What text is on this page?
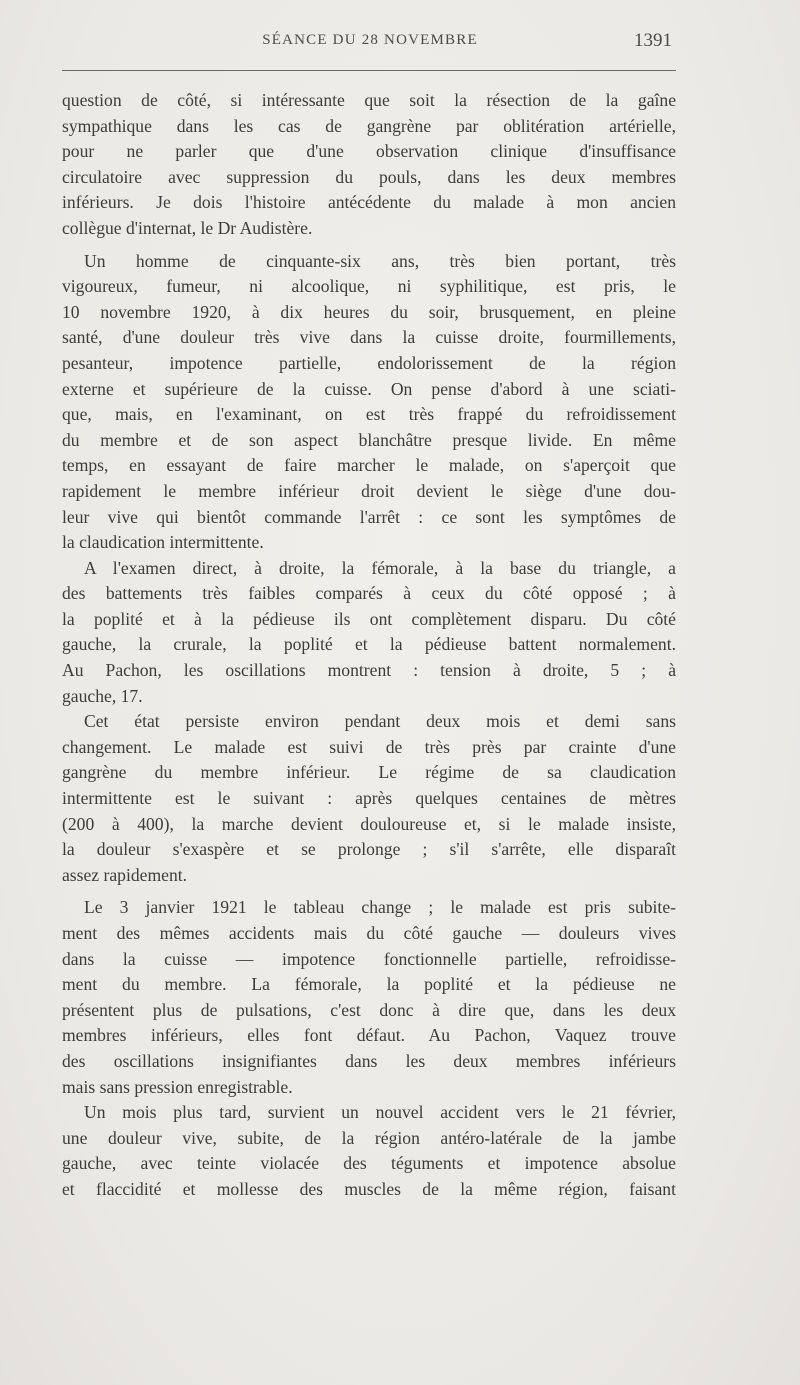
SÉANCE DU 28 NOVEMBRE	1391
question de côté, si intéressante que soit la résection de la gaîne
sympathique dans les cas de gangrène par oblitération artérielle,
pour ne parler que d'une observation clinique d'insuffisance
circulatoire avec suppression du pouls, dans les deux membres
inférieurs. Je dois l'histoire antécédente du malade à mon ancien
collègue d'internat, le Dr Audistère.
Un homme de cinquante-six ans, très bien portant, très
vigoureux, fumeur, ni alcoolique, ni syphilitique, est pris, le
10 novembre 1920, à dix heures du soir, brusquement, en pleine
santé, d'une douleur très vive dans la cuisse droite, fourmillements,
pesanteur, impotence partielle, endolorissement de la région
externe et supérieure de la cuisse. On pense d'abord à une sciati-
que, mais, en l'examinant, on est très frappé du refroidissement
du membre et de son aspect blanchâtre presque livide. En même
temps, en essayant de faire marcher le malade, on s'aperçoit que
rapidement le membre inférieur droit devient le siège d'une dou-
leur vive qui bientôt commande l'arrêt : ce sont les symptômes de
la claudication intermittente.
A l'examen direct, à droite, la fémorale, à la base du triangle, a
des battements très faibles comparés à ceux du côté opposé ; à
la poplité et à la pédieuse ils ont complètement disparu. Du côté
gauche, la crurale, la poplité et la pédieuse battent normalement.
Au Pachon, les oscillations montrent : tension à droite, 5 ; à
gauche, 17.
Cet état persiste environ pendant deux mois et demi sans
changement. Le malade est suivi de très près par crainte d'une
gangrène du membre inférieur. Le régime de sa claudication
intermittente est le suivant : après quelques centaines de mètres
(200 à 400), la marche devient douloureuse et, si le malade insiste,
la douleur s'exaspère et se prolonge ; s'il s'arrête, elle disparaît
assez rapidement.
Le 3 janvier 1921 le tableau change ; le malade est pris subite-
ment des mêmes accidents mais du côté gauche — douleurs vives
dans la cuisse — impotence fonctionnelle partielle, refroidisse-
ment du membre. La fémorale, la poplité et la pédieuse ne
présentent plus de pulsations, c'est donc à dire que, dans les deux
membres inférieurs, elles font défaut. Au Pachon, Vaquez trouve
des oscillations insignifiantes dans les deux membres inférieurs
mais sans pression enregistrable.
Un mois plus tard, survient un nouvel accident vers le 21 février,
une douleur vive, subite, de la région antéro-latérale de la jambe
gauche, avec teinte violacée des téguments et impotence absolue
et flaccidité et mollesse des muscles de la même région, faisant
